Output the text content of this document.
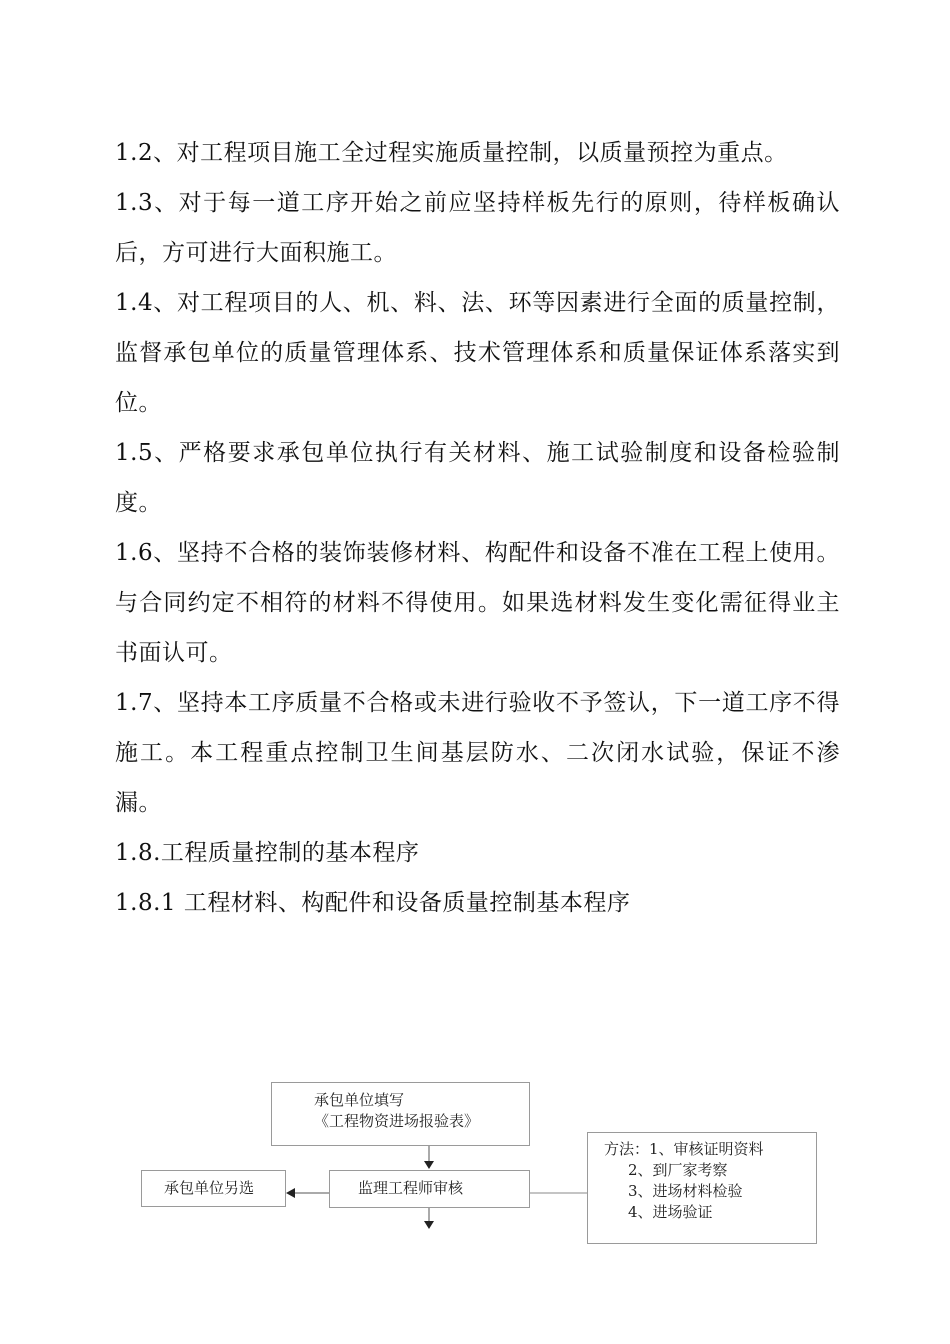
1.2、对工程项目施工全过程实施质量控制，以质量预控为重点。

1.3、对于每一道工序开始之前应坚持样板先行的原则，待样板确认后，方可进行大面积施工。

1.4、对工程项目的人、机、料、法、环等因素进行全面的质量控制，监督承包单位的质量管理体系、技术管理体系和质量保证体系落实到位。

1.5、严格要求承包单位执行有关材料、施工试验制度和设备检验制度。

1.6、坚持不合格的装饰装修材料、构配件和设备不准在工程上使用。与合同约定不相符的材料不得使用。如果选材料发生变化需征得业主书面认可。

1.7、坚持本工序质量不合格或未进行验收不予签认，下一道工序不得施工。本工程重点控制卫生间基层防水、二次闭水试验，保证不渗漏。

1.8.工程质量控制的基本程序

1.8.1 工程材料、构配件和设备质量控制基本程序

承包单位填写
《工程物资进场报验表》
监理工程师审核
承包单位另选
方法：1、审核证明资料
2、到厂家考察
3、进场材料检验
4、进场验证
